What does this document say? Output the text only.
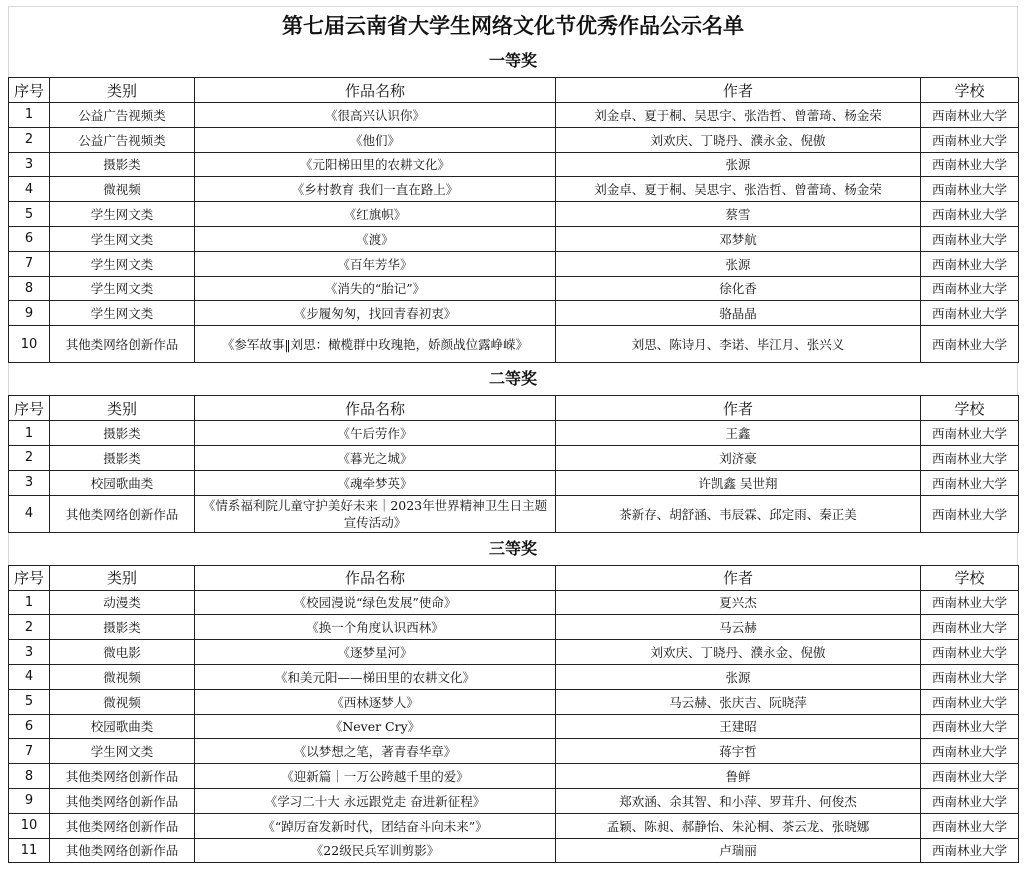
第七届云南省大学生网络文化节优秀作品公示名单
一等奖
序号	类别	作品名称	作者	学校
1	公益广告视频类	《很高兴认识你》	刘金卓、夏于桐、吴思宇、张浩哲、曾蕾琦、杨金荣	西南林业大学
2	公益广告视频类	《他们》	刘欢庆、丁晓丹、濮永金、倪傲	西南林业大学
3	摄影类	《元阳梯田里的农耕文化》	张源	西南林业大学
4	微视频	《乡村教育 我们一直在路上》	刘金卓、夏于桐、吴思宇、张浩哲、曾蕾琦、杨金荣	西南林业大学
5	学生网文类	《红旗帜》	蔡雪	西南林业大学
6	学生网文类	《渡》	邓梦航	西南林业大学
7	学生网文类	《百年芳华》	张源	西南林业大学
8	学生网文类	《消失的“胎记”》	徐化香	西南林业大学
9	学生网文类	《步履匆匆，找回青春初衷》	骆晶晶	西南林业大学
10	其他类网络创新作品	《参军故事‖刘思：橄榄群中玫瑰艳，娇颜战位露峥嵘》	刘思、陈诗月、李诺、毕江月、张兴义	西南林业大学
二等奖
序号	类别	作品名称	作者	学校
1	摄影类	《午后劳作》	王鑫	西南林业大学
2	摄影类	《暮光之城》	刘济豪	西南林业大学
3	校园歌曲类	《魂牵梦英》	许凯鑫 吴世翔	西南林业大学
4	其他类网络创新作品	《情系福利院儿童守护美好未来｜2023年世界精神卫生日主题宣传活动》	茶新存、胡舒涵、韦辰霖、邱定雨、秦正美	西南林业大学
三等奖
序号	类别	作品名称	作者	学校
1	动漫类	《校园漫说“绿色发展”使命》	夏兴杰	西南林业大学
2	摄影类	《换一个角度认识西林》	马云赫	西南林业大学
3	微电影	《逐梦星河》	刘欢庆、丁晓丹、濮永金、倪傲	西南林业大学
4	微视频	《和美元阳——梯田里的农耕文化》	张源	西南林业大学
5	微视频	《西林逐梦人》	马云赫、张庆吉、阮晓萍	西南林业大学
6	校园歌曲类	《Never Cry》	王建昭	西南林业大学
7	学生网文类	《以梦想之笔，著青春华章》	蒋宇哲	西南林业大学
8	其他类网络创新作品	《迎新篇｜一万公跨越千里的爱》	鲁鲜	西南林业大学
9	其他类网络创新作品	《学习二十大 永远跟党走 奋进新征程》	郑欢涵、余其智、和小萍、罗茸升、何俊杰	西南林业大学
10	其他类网络创新作品	《“踔厉奋发新时代，团结奋斗向未来”》	孟颖、陈昶、郝静怡、朱沁桐、茶云龙、张晓娜	西南林业大学
11	其他类网络创新作品	《22级民兵军训剪影》	卢瑞丽	西南林业大学
